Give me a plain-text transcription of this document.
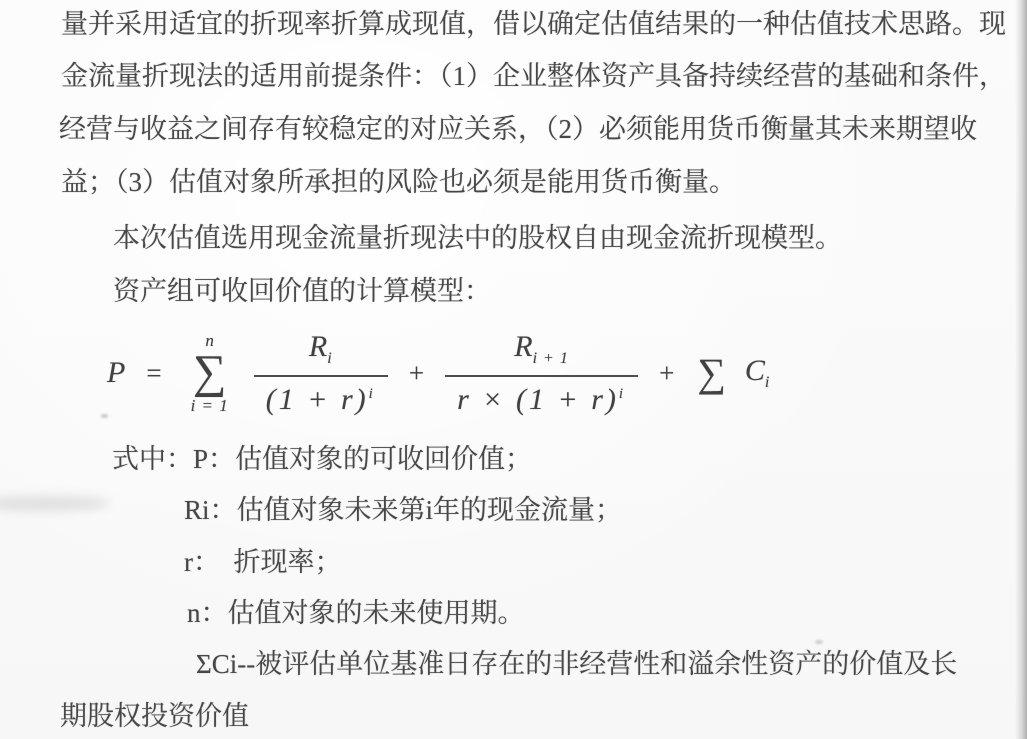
量并采用适宜的折现率折算成现值，借以确定估值结果的一种估值技术思路。现

金流量折现法的适用前提条件：（1）企业整体资产具备持续经营的基础和条件，

经营与收益之间存有较稳定的对应关系，（2）必须能用货币衡量其未来期望收

益；（3）估值对象所承担的风险也必须是能用货币衡量。

本次估值选用现金流量折现法中的股权自由现金流折现模型。

资产组可收回价值的计算模型：

P =
n
∑
$i = 1 \frac{R_i}{(1 + r)^i} + \frac{R_{i + 1}}{r \times (1 + r)^i}$ + ∑ $C_i$

式中：P：估值对象的可收回价值；

Ri：估值对象未来第i年的现金流量；

r：　折现率；

n：估值对象的未来使用期。

ΣCi--被评估单位基准日存在的非经营性和溢余性资产的价值及长

期股权投资价值
